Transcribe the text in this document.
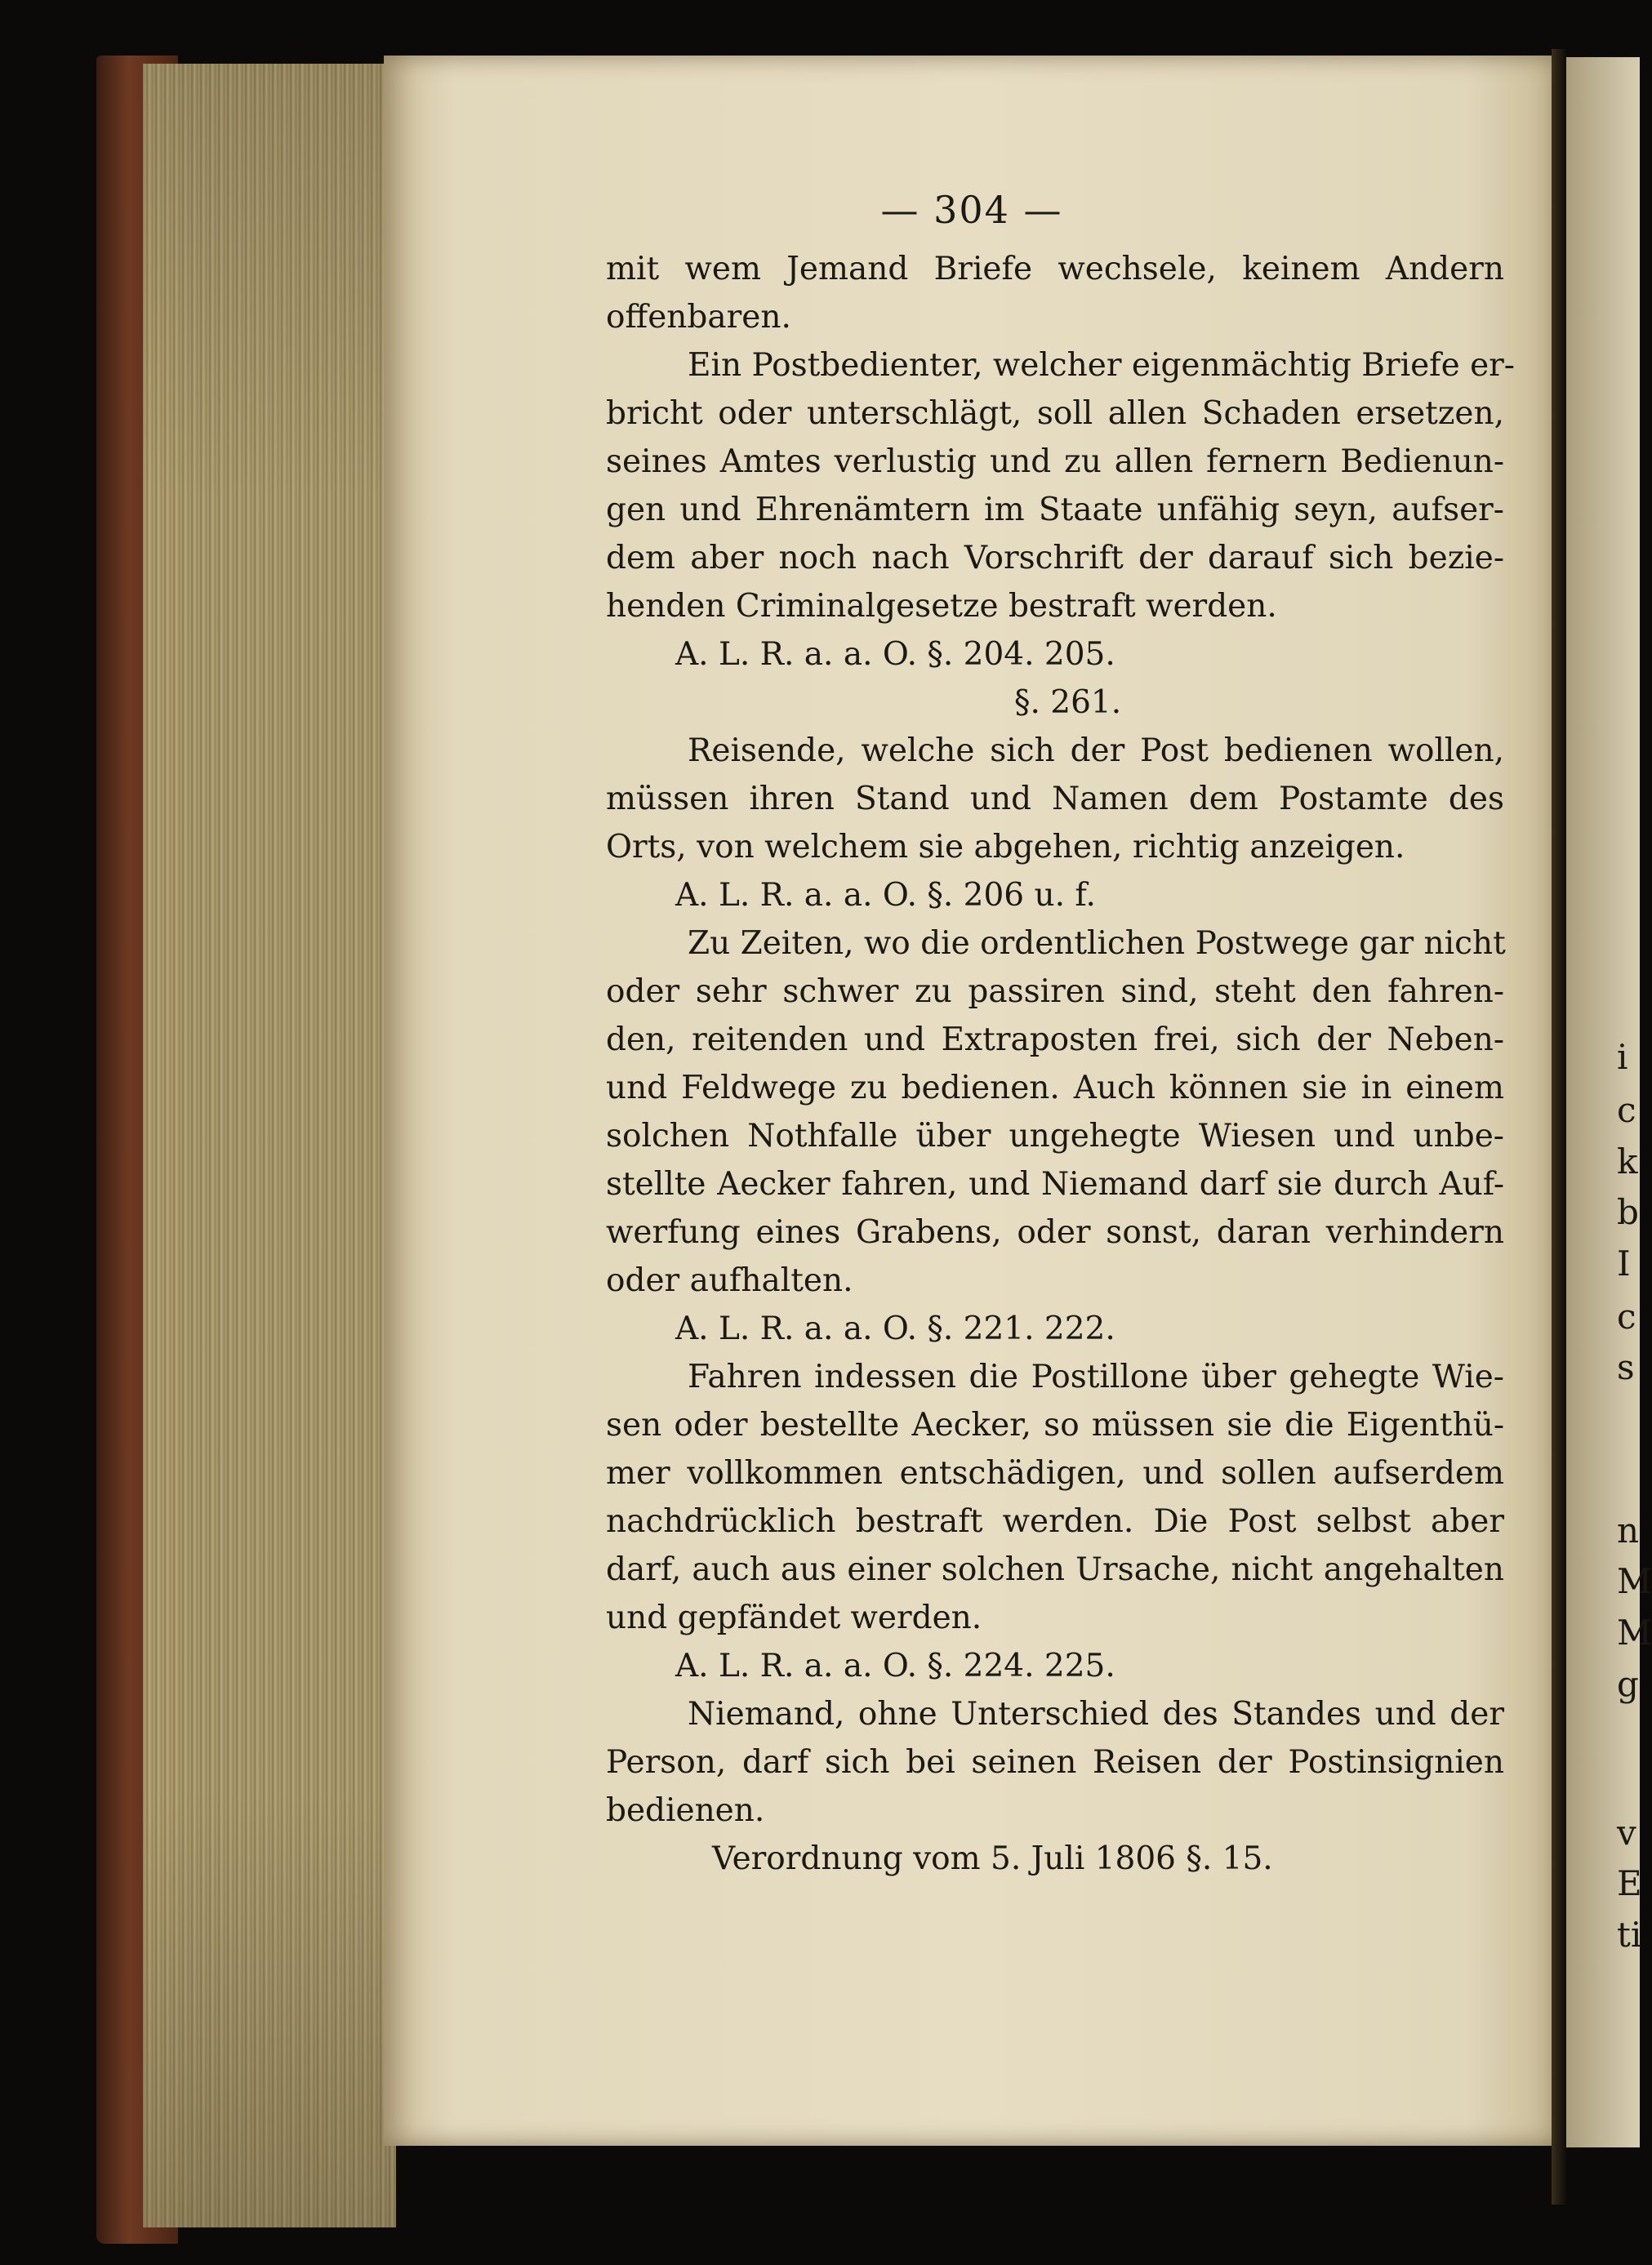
— 304 —
mit wem Jemand Briefe wechsele, keinem Andern
offenbaren.
Ein Postbedienter, welcher eigenmächtig Briefe er-
bricht oder unterschlägt, soll allen Schaden ersetzen,
seines Amtes verlustig und zu allen fernern Bedienun-
gen und Ehrenämtern im Staate unfähig seyn, aufser-
dem aber noch nach Vorschrift der darauf sich bezie-
henden Criminalgesetze bestraft werden.
A. L. R. a. a. O. §. 204. 205.
§. 261.
Reisende, welche sich der Post bedienen wollen,
müssen ihren Stand und Namen dem Postamte des
Orts, von welchem sie abgehen, richtig anzeigen.
A. L. R. a. a. O. §. 206 u. f.
Zu Zeiten, wo die ordentlichen Postwege gar nicht
oder sehr schwer zu passiren sind, steht den fahren-
den, reitenden und Extraposten frei, sich der Neben-
und Feldwege zu bedienen. Auch können sie in einem
solchen Nothfalle über ungehegte Wiesen und unbe-
stellte Aecker fahren, und Niemand darf sie durch Auf-
werfung eines Grabens, oder sonst, daran verhindern
oder aufhalten.
A. L. R. a. a. O. §. 221. 222.
Fahren indessen die Postillone über gehegte Wie-
sen oder bestellte Aecker, so müssen sie die Eigenthü-
mer vollkommen entschädigen, und sollen aufserdem
nachdrücklich bestraft werden. Die Post selbst aber
darf, auch aus einer solchen Ursache, nicht angehalten
und gepfändet werden.
A. L. R. a. a. O. §. 224. 225.
Niemand, ohne Unterschied des Standes und der
Person, darf sich bei seinen Reisen der Postinsignien
bedienen.
Verordnung vom 5. Juli 1806 §. 15.
i
c
k
b
I
c
s
n
M
M
g
v
E
ti
